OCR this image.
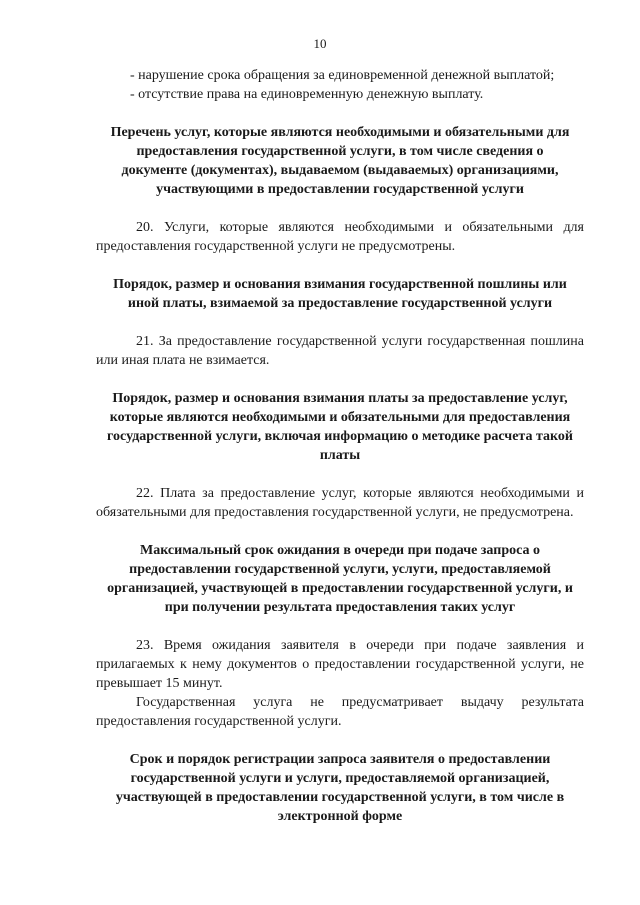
10

- нарушение срока обращения за единовременной денежной выплатой;

- отсутствие права на единовременную денежную выплату.

Перечень услуг, которые являются необходимыми и обязательными для предоставления государственной услуги, в том числе сведения о документе (документах), выдаваемом (выдаваемых) организациями, участвующими в предоставлении государственной услуги

20. Услуги, которые являются необходимыми и обязательными для предоставления государственной услуги не предусмотрены.

Порядок, размер и основания взимания государственной пошлины или иной платы, взимаемой за предоставление государственной услуги

21. За предоставление государственной услуги государственная пошлина или иная плата не взимается.

Порядок, размер и основания взимания платы за предоставление услуг, которые являются необходимыми и обязательными для предоставления государственной услуги, включая информацию о методике расчета такой платы

22. Плата за предоставление услуг, которые являются необходимыми и обязательными для предоставления государственной услуги, не предусмотрена.

Максимальный срок ожидания в очереди при подаче запроса о предоставлении государственной услуги, услуги, предоставляемой организацией, участвующей в предоставлении государственной услуги, и при получении результата предоставления таких услуг

23. Время ожидания заявителя в очереди при подаче заявления и прилагаемых к нему документов о предоставлении государственной услуги, не превышает 15 минут.

Государственная услуга не предусматривает выдачу результата предоставления государственной услуги.

Срок и порядок регистрации запроса заявителя о предоставлении государственной услуги и услуги, предоставляемой организацией, участвующей в предоставлении государственной услуги, в том числе в электронной форме
